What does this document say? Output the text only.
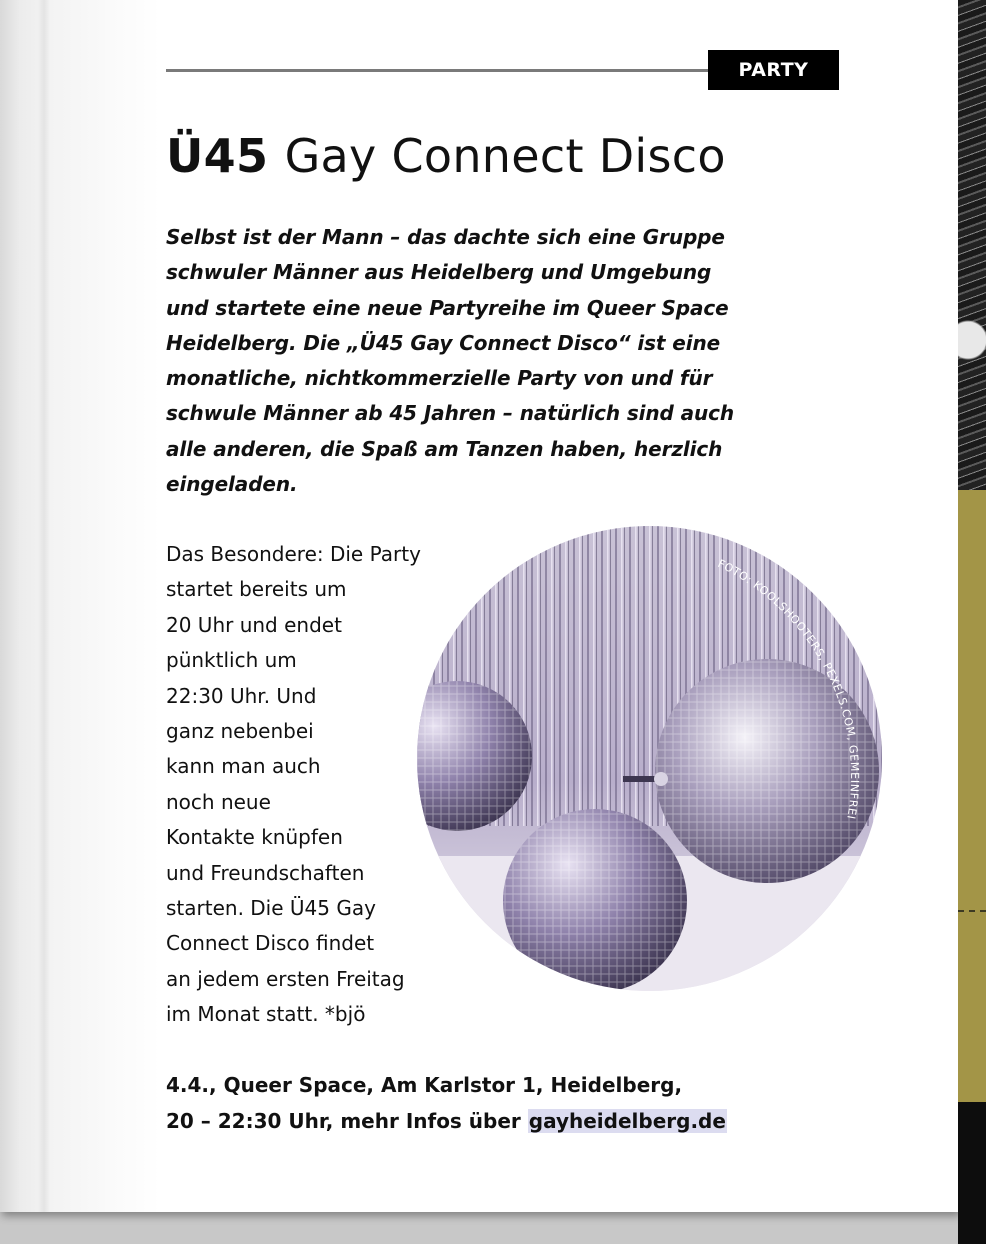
PARTY
Ü45 Gay Connect Disco

Selbst ist der Mann – das dachte sich eine Gruppe
schwuler Männer aus Heidelberg und Umgebung
und startete eine neue Partyreihe im Queer Space
Heidelberg. Die „Ü45 Gay Connect Disco“ ist eine
monatliche, nichtkommerzielle Party von und für
schwule Männer ab 45 Jahren – natürlich sind auch
alle anderen, die Spaß am Tanzen haben, herzlich
eingeladen.

Das Besondere: Die Party
startet bereits um
20 Uhr und endet
pünktlich um
22:30 Uhr. Und
ganz nebenbei
kann man auch
noch neue
Kontakte knüpfen
und Freundschaften
starten. Die Ü45 Gay
Connect Disco findet
an jedem ersten Freitag
im Monat statt. *bjö

FOTO: KOOLSHOOTERS, PEXELS.COM, GEMEINFREI

4.4., Queer Space, Am Karlstor 1, Heidelberg,
20 – 22:30 Uhr, mehr Infos über gayheidelberg.de
